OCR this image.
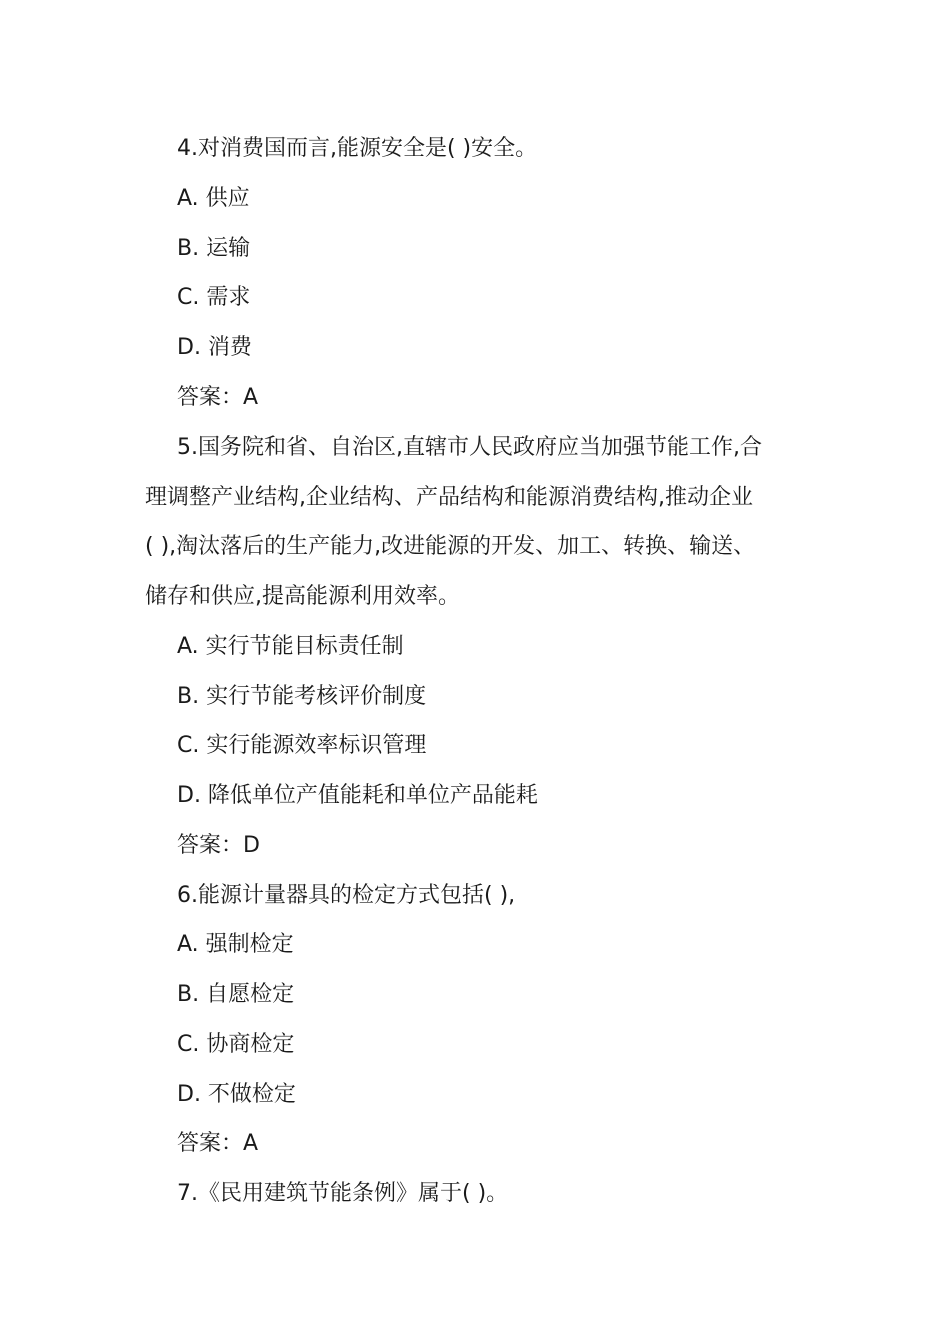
4.对消费国而言,能源安全是( )安全。
A. 供应
B. 运输
C. 需求
D. 消费
答案：A
5.国务院和省、自治区,直辖市人民政府应当加强节能工作,合
理调整产业结构,企业结构、产品结构和能源消费结构,推动企业
( ),淘汰落后的生产能力,改进能源的开发、加工、转换、输送、
储存和供应,提高能源利用效率。
A. 实行节能目标责任制
B. 实行节能考核评价制度
C. 实行能源效率标识管理
D. 降低单位产值能耗和单位产品能耗
答案：D
6.能源计量器具的检定方式包括( ),
A. 强制检定
B. 自愿检定
C. 协商检定
D. 不做检定
答案：A
7.《民用建筑节能条例》属于( )。
